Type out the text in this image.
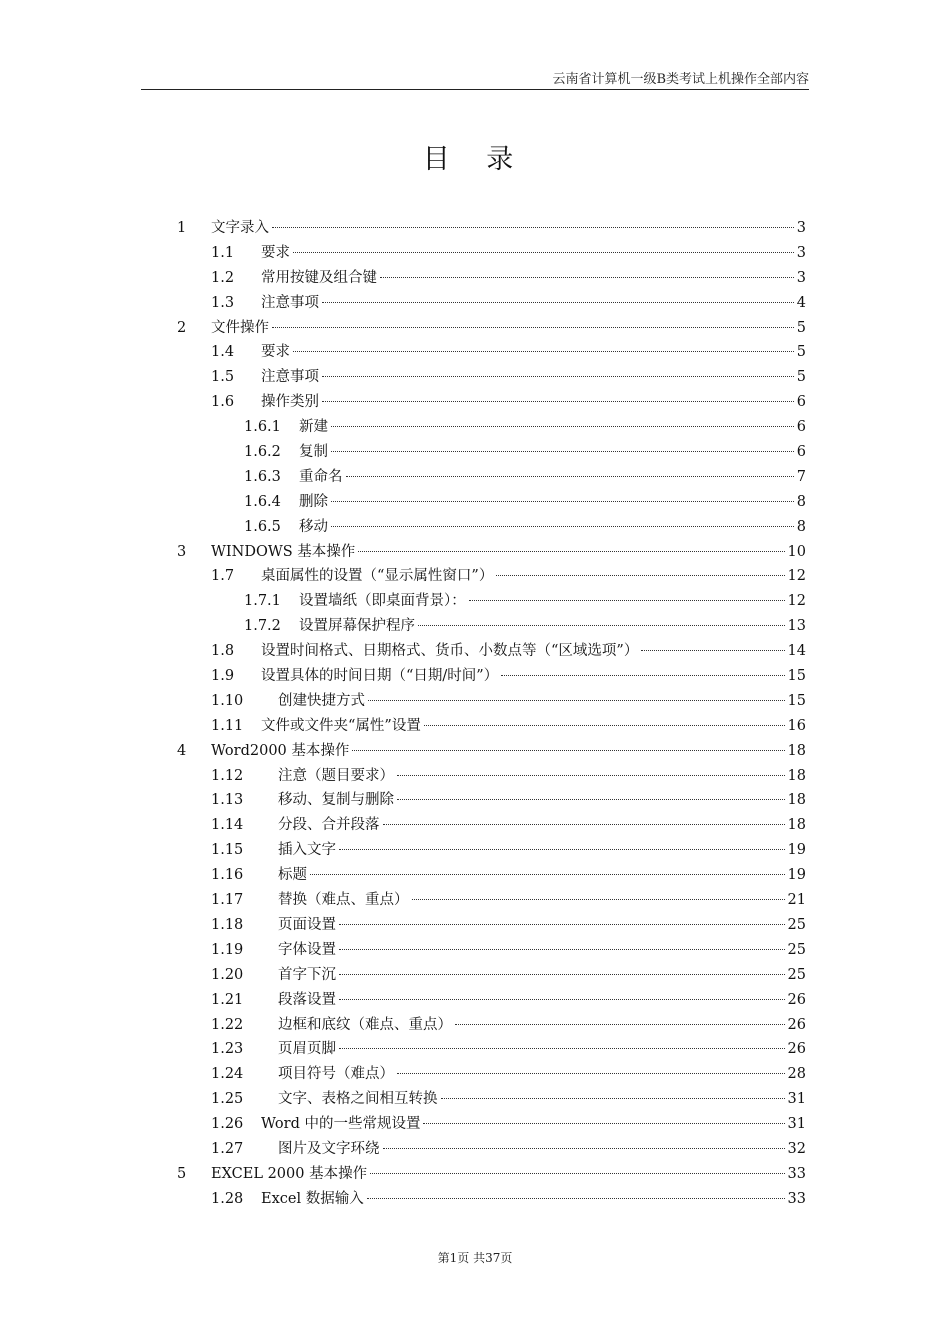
云南省计算机一级B类考试上机操作全部内容
目 录
1 文字录入	3
1.1 要求	3
1.2 常用按键及组合键	3
1.3 注意事项	4
2 文件操作	5
1.4 要求	5
1.5 注意事项	5
1.6 操作类别	6
1.6.1 新建	6
1.6.2 复制	6
1.6.3 重命名	7
1.6.4 删除	8
1.6.5 移动	8
3 WINDOWS 基本操作	10
1.7 桌面属性的设置（“显示属性窗口”）	12
1.7.1 设置墙纸（即桌面背景）：	12
1.7.2 设置屏幕保护程序	13
1.8 设置时间格式、日期格式、货币、小数点等（“区域选项”）	14
1.9 设置具体的时间日期（“日期/时间”）	15
1.10 创建快捷方式	15
1.11 文件或文件夹“属性”设置	16
4 Word2000 基本操作	18
1.12 注意（题目要求）	18
1.13 移动、复制与删除	18
1.14 分段、合并段落	18
1.15 插入文字	19
1.16 标题	19
1.17 替换（难点、重点）	21
1.18 页面设置	25
1.19 字体设置	25
1.20 首字下沉	25
1.21 段落设置	26
1.22 边框和底纹（难点、重点）	26
1.23 页眉页脚	26
1.24 项目符号（难点）	28
1.25 文字、表格之间相互转换	31
1.26 Word 中的一些常规设置	31
1.27 图片及文字环绕	32
5 EXCEL 2000 基本操作	33
1.28 Excel 数据输入	33
第1页 共37页
